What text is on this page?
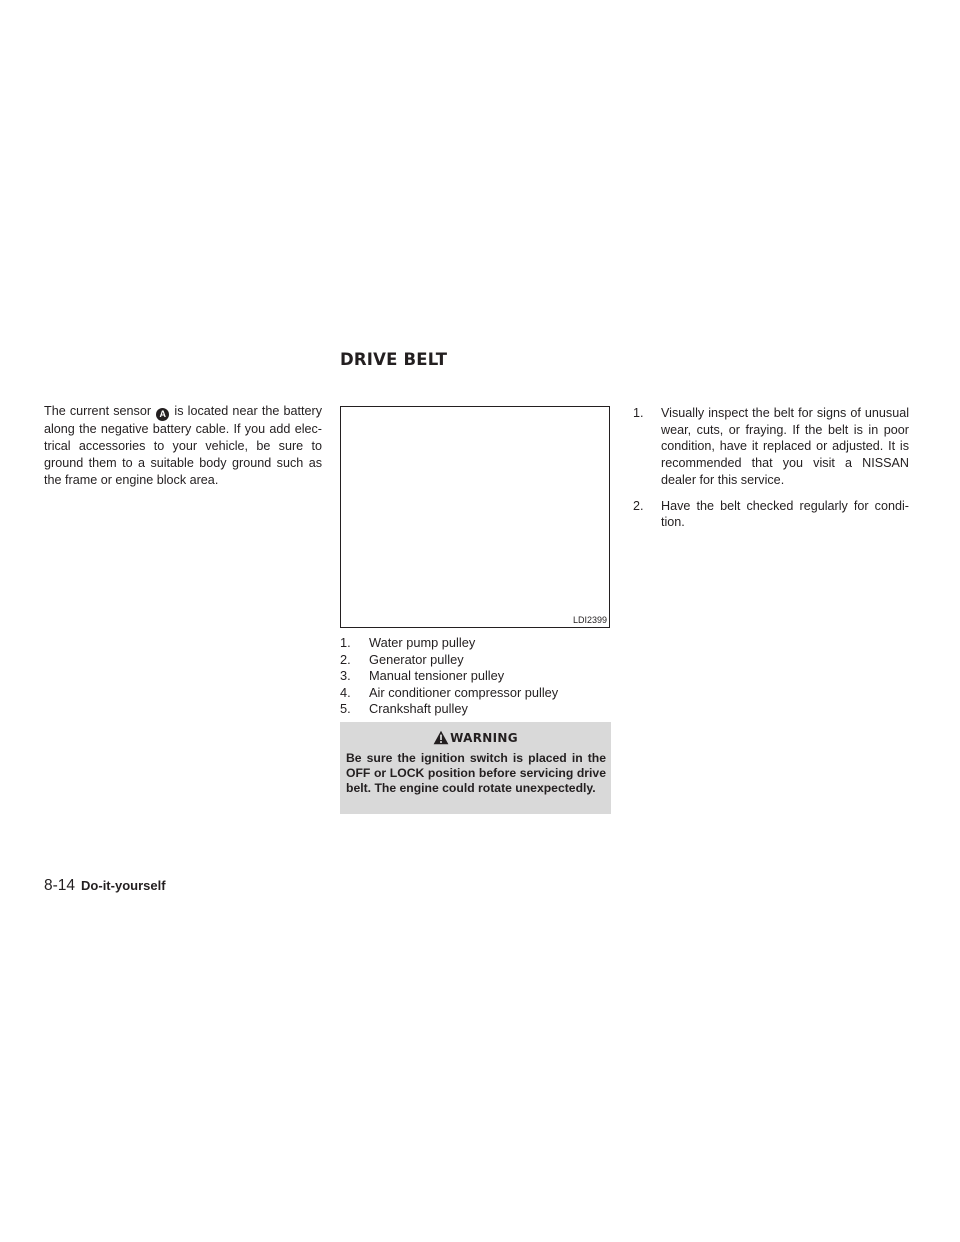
DRIVE BELT
The current sensor A is located near the battery along the negative battery cable. If you add elec-trical accessories to your vehicle, be sure to ground them to a suitable body ground such as the frame or engine block area.
LDI2399
1. Water pump pulley
2. Generator pulley
3. Manual tensioner pulley
4. Air conditioner compressor pulley
5. Crankshaft pulley
WARNING

Be sure the ignition switch is placed in the OFF or LOCK position before servicing drive belt. The engine could rotate unexpectedly.

1. Visually inspect the belt for signs of unusual wear, cuts, or fraying. If the belt is in poor condition, have it replaced or adjusted. It is recommended that you visit a NISSAN dealer for this service.
2. Have the belt checked regularly for condi-tion.
8-14 Do-it-yourself
